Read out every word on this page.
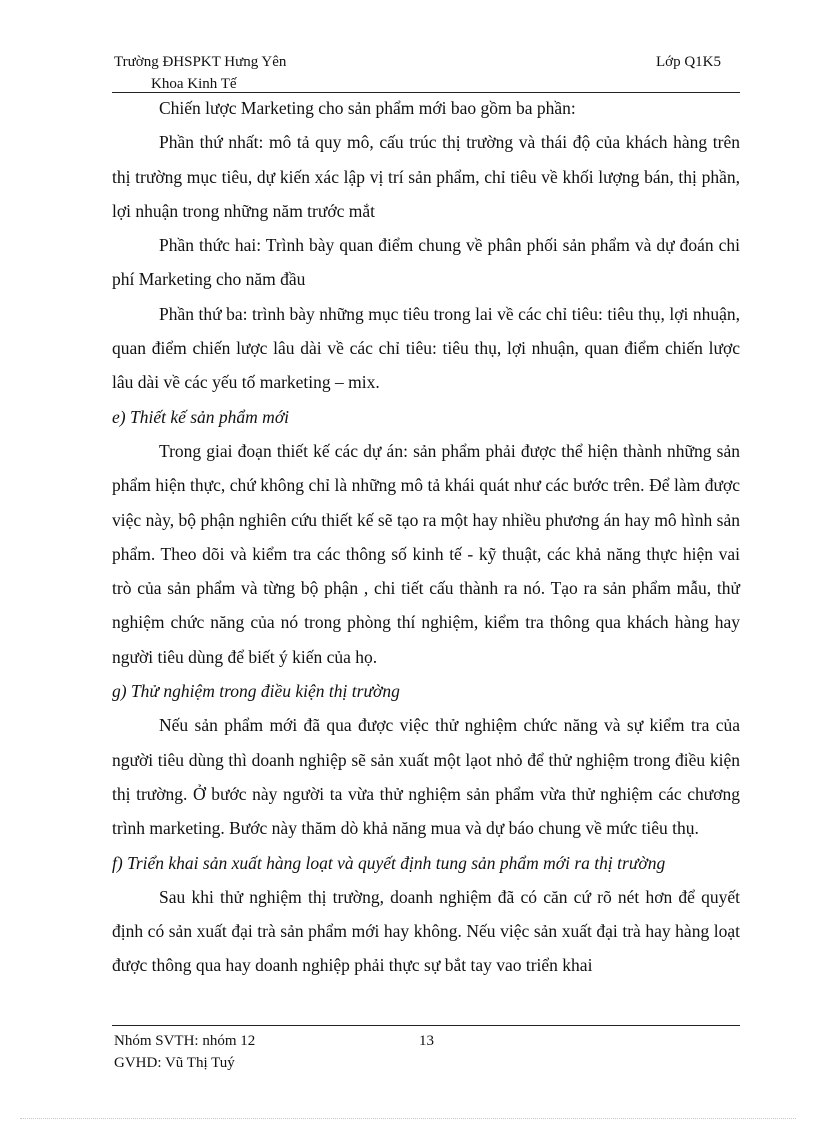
Trường ĐHSPKT Hưng Yên
Khoa Kinh Tế
Lớp Q1K5

Chiến lược Marketing cho sản phẩm mới bao gồm ba phần:

Phần thứ nhất: mô tả quy mô, cấu trúc thị trường và thái độ của khách hàng trên thị trường mục tiêu, dự kiến xác lập vị trí sản phẩm, chỉ tiêu về khối lượng bán, thị phần, lợi nhuận trong những năm trước mắt

Phần thức hai: Trình bày quan điểm chung về phân phối sản phẩm và dự đoán chi phí Marketing cho năm đầu

Phần thứ ba: trình bày những mục tiêu trong lai về các chỉ tiêu: tiêu thụ, lợi nhuận, quan điểm chiến lược lâu dài về các chỉ tiêu: tiêu thụ, lợi nhuận, quan điểm chiến lược lâu dài về các yếu tố marketing – mix.

e) Thiết kế sản phẩm mới

Trong giai đoạn thiết kế các dự án: sản phẩm phải được thể hiện thành những sản phẩm hiện thực, chứ không chỉ là những mô tả khái quát như các bước trên. Để làm được việc này, bộ phận nghiên cứu thiết kế sẽ tạo ra một hay nhiều phương án hay mô hình sản phẩm. Theo dõi và kiểm tra các thông số kinh tế - kỹ thuật, các khả năng thực hiện vai trò của sản phẩm và từng bộ phận , chi tiết cấu thành ra nó. Tạo ra sản phẩm mẫu, thử nghiệm chức năng của nó trong phòng thí nghiệm, kiểm tra thông qua khách hàng hay người tiêu dùng để biết ý kiến của họ.

g) Thử nghiệm trong điều kiện thị trường

Nếu sản phẩm mới đã qua được việc thử nghiệm chức năng và sự kiểm tra của người tiêu dùng thì doanh nghiệp sẽ sản xuất một lạot nhỏ để thử nghiệm trong điều kiện thị trường. Ở bước này người ta vừa thử nghiệm sản phẩm vừa thử nghiệm các chương trình marketing. Bước này thăm dò khả năng mua và dự báo chung về mức tiêu thụ.

f) Triển khai sản xuất hàng loạt và quyết định tung sản phẩm mới ra thị trường

Sau khi thử nghiệm thị trường, doanh nghiệm đã có căn cứ rõ nét hơn để quyết định có sản xuất đại trà sản phẩm mới hay không. Nếu việc sản xuất đại trà hay hàng loạt được thông qua hay doanh nghiệp phải thực sự bắt tay vao triển khai

Nhóm SVTH: nhóm 12	13
GVHD: Vũ Thị Tuý
